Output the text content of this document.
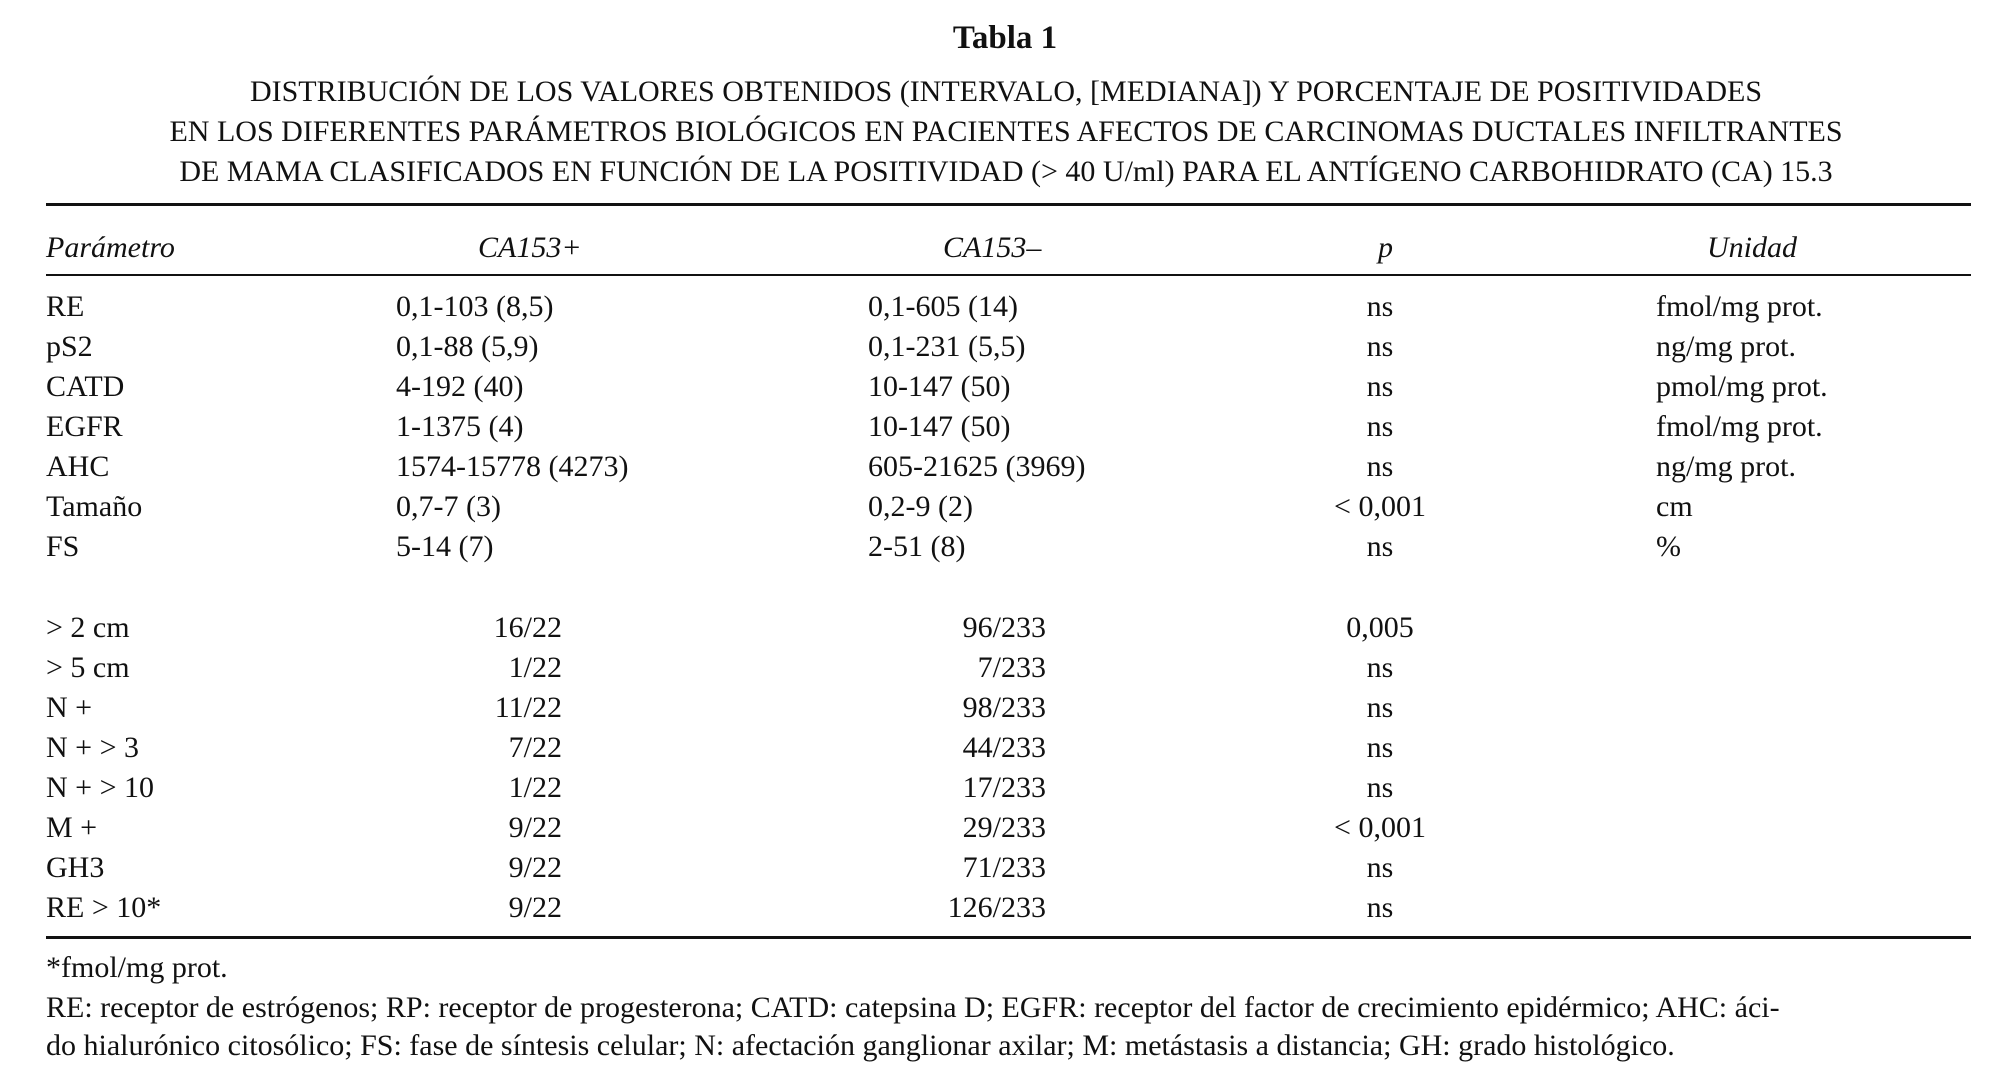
Tabla 1
DISTRIBUCIÓN DE LOS VALORES OBTENIDOS (INTERVALO, [MEDIANA]) Y PORCENTAJE DE POSITIVIDADES
EN LOS DIFERENTES PARÁMETROS BIOLÓGICOS EN PACIENTES AFECTOS DE CARCINOMAS DUCTALES INFILTRANTES
DE MAMA CLASIFICADOS EN FUNCIÓN DE LA POSITIVIDAD (> 40 U/ml) PARA EL ANTÍGENO CARBOHIDRATO (CA) 15.3
Parámetro	CA153+	CA153–	p	Unidad
RE	0,1-103 (8,5)	0,1-605 (14)	ns	fmol/mg prot.
pS2	0,1-88 (5,9)	0,1-231 (5,5)	ns	ng/mg prot.
CATD	4-192 (40)	10-147 (50)	ns	pmol/mg prot.
EGFR	1-1375 (4)	10-147 (50)	ns	fmol/mg prot.
AHC	1574-15778 (4273)	605-21625 (3969)	ns	ng/mg prot.
Tamaño	0,7-7 (3)	0,2-9 (2)	< 0,001	cm
FS	5-14 (7)	2-51 (8)	ns	%
> 2 cm	16/22	96/233	0,005
> 5 cm	1/22	7/233	ns
N +	11/22	98/233	ns
N + > 3	7/22	44/233	ns
N + > 10	1/22	17/233	ns
M +	9/22	29/233	< 0,001
GH3	9/22	71/233	ns
RE > 10*	9/22	126/233	ns
*fmol/mg prot.
RE: receptor de estrógenos; RP: receptor de progesterona; CATD: catepsina D; EGFR: receptor del factor de crecimiento epidérmico; AHC: áci-
do hialurónico citosólico; FS: fase de síntesis celular; N: afectación ganglionar axilar; M: metástasis a distancia; GH: grado histológico.
